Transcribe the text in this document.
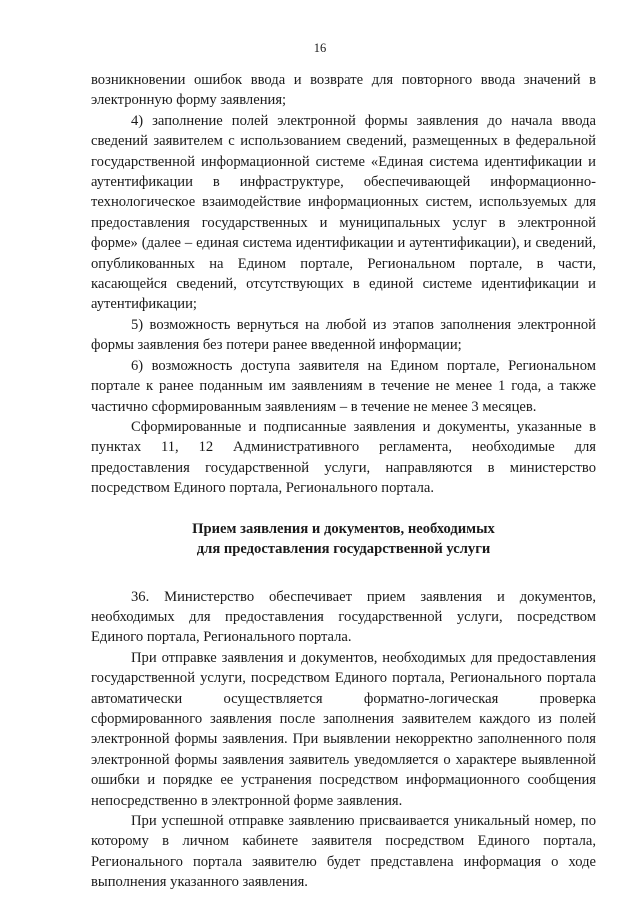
16

возникновении ошибок ввода и возврате для повторного ввода значений в электронную форму заявления;

4) заполнение полей электронной формы заявления до начала ввода сведений заявителем с использованием сведений, размещенных в федеральной государственной информационной системе «Единая система идентификации и аутентификации в инфраструктуре, обеспечивающей информационно-технологическое взаимодействие информационных систем, используемых для предоставления государственных и муниципальных услуг в электронной форме» (далее – единая система идентификации и аутентификации), и сведений, опубликованных на Едином портале, Региональном портале, в части, касающейся сведений, отсутствующих в единой системе идентификации и аутентификации;

5) возможность вернуться на любой из этапов заполнения электронной формы заявления без потери ранее введенной информации;

6) возможность доступа заявителя на Едином портале, Региональном портале к ранее поданным им заявлениям в течение не менее 1 года, а также частично сформированным заявлениям – в течение не менее 3 месяцев.

Сформированные и подписанные заявления и документы, указанные в пунктах 11, 12 Административного регламента, необходимые для предоставления государственной услуги, направляются в министерство посредством Единого портала, Регионального портала.

Прием заявления и документов, необходимых
для предоставления государственной услуги

36. Министерство обеспечивает прием заявления и документов, необходимых для предоставления государственной услуги, посредством Единого портала, Регионального портала.

При отправке заявления и документов, необходимых для предоставления государственной услуги, посредством Единого портала, Регионального портала автоматически осуществляется форматно-логическая проверка сформированного заявления после заполнения заявителем каждого из полей электронной формы заявления. При выявлении некорректно заполненного поля электронной формы заявления заявитель уведомляется о характере выявленной ошибки и порядке ее устранения посредством информационного сообщения непосредственно в электронной форме заявления.

При успешной отправке заявлению присваивается уникальный номер, по которому в личном кабинете заявителя посредством Единого портала, Регионального портала заявителю будет представлена информация о ходе выполнения указанного заявления.
